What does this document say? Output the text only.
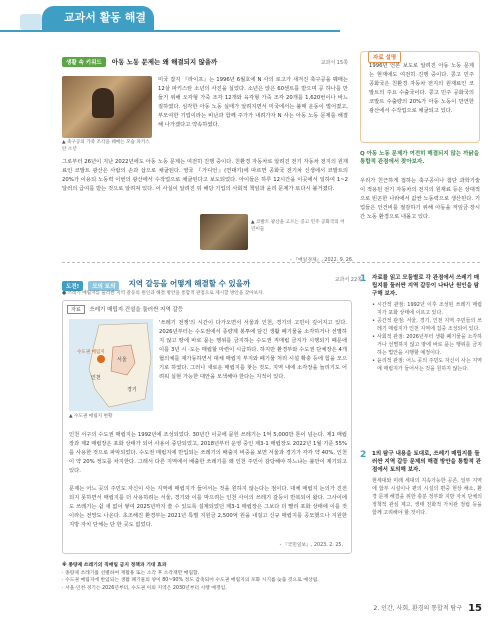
교과서 활동 해결하기
생활 속 키워드 아동 노동 문제는 왜 해결되지 않을까	교과서 15쪽
▲ 축구공의 가죽 조각을 꿰매는 모습 파키스탄 소년
미국 잡지 『라이프』는 1996년 6월호에 N 사의 로고가 새겨진 축구공을 꿰매는 12살 파키스탄 소년의 사진을 실었다. 소년은 앉은 60센트를 받으며 공 하나를 만들기 위해 오각형 가죽 조각 12개와 육각형 가죽 조각 20개를 1,620번이나 바느질하였다. 심각한 아동 노동 실태가 알려지면서 미국에서는 불매 운동이 벌어졌고, 부모여한 기업이라는 비난과 함께 주가가 내려가자 N 사는 아동 노동 문제를 해결해 나가겠다고 약속하였다.
그로부터 26년이 지난 2022년에도 아동 노동 문제는 여전히 진행 중이다. 친환경 자동차로 알려진 전기 자동차 전지의 원재료인 코발트 광산은 사람의 손과 삽으로 채굴된다. 영국 『가디언』(연대기)에 따르면 공화국 전기차 신생에서 코발트의 20%가 이용되 노동력 이번의 광산에서 수작업으로 채굴된다고 보도되었다. 아이들은 하루 12시간을 이곳에서 일하여 1~2달러의 급여를 받는 것으로 알려져 있다. 이 사실이 알려진 뒤 해당 기업의 사회적 책임과 윤리 문제가 또다시 불거졌다.
▲ 코발트 광산을 고르는 콩고 민주 공화국의 어린이들
- 『매일경제』, 2022. 9. 26.
자료 설명
1996년 언론 보도로 알려진 아동 노동 문제는 현재에도 여전히 진행 중이다. 콩고 민주 공화국은 친환경 자동차 전지의 원재료인 코발트의 주요 수출국이다. 콩고 민주 공화국의 코발트 수출량의 20%가 아동 노동이 만연한 광산에서 수작업으로 채굴되고 있다.
Q 아동 노동 문제가 여전히 해결되지 않는 까닭을 통합적 관점에서 찾아보자.
우리가 친근하게 접하는 축구공이나 첨단 과학기술이 적용된 전기 자동차의 전지의 원재료 등은 상대적으로 빈곤한 나라에서 값싼 노동력으로 생산된다. 기업들은 인건비를 절감하기 위해 아동을 저임금·장시간 노동 환경으로 내몰고 있다.
도전! 모의 토의 지역 갈등을 어떻게 해결할 수 있을까	교과서 22쪽
● 쓰레기 매립지를 둘러싼 지역 갈등의 원인과 해결 방안을 통합적 관점으로 제시할 방안을 찾아보자.
자료 쓰레기 매립지 건설을 둘러싼 지역 갈등
인천
수도권 매립지
서울
경기
▲ 수도권 매립지 현황
'쓰레기 전쟁'의 시간이 다가오면서 서울과 인천, 경기의 고민이 깊어지고 있다. 2026년부터는 수도권에서 종량제 봉투에 담긴 생활 폐기물을 소각하거나 선별하지 않고 땅에 바로 묻는 행위를 금지하는 수도권 직매립 금지가 시행되기 때문에 이를 3년 시 ·도는 매립할 마련이 시급하다. 하지만 환경부와 수도권 단체장은 4개 협의체를 재가동하면서 대체 매립지 부지와 폐기물 처리 시설 확충 등에 힘을 모으기로 하였다. 그러나 새로운 매립지를 찾는 것도, 지역 내에 소각장을 늘리기도 어려워 실현 가능한 대안을 모색해야 한다는 지적이 있다.
인천 서구의 수도권 매립지는 1992년에 조성되었다. 30년간 이곳에 묻힌 쓰레기는 1억 5,000만 톤이 넘는다. 제1 매립장과 제2 매립장은 포화 상태가 되어 사용이 중단되었고, 2018년부터 운영 중인 제3-1 매립장도 2022년 1월 기준 55%를 사용한 것으로 파악되었다. 수도권 매립지에 반입되는 쓰레기의 배출지 비중을 보면 서울과 경기가 각각 약 40%, 인천이 약 20% 정도를 차지한다. 그래서 다른 지역에서 배출한 쓰레기를 왜 인천 주민이 감당해야 하느냐는 불만이 제기되고 있다.
문제는 어느 곳의 주민도 자신이 사는 지역에 매립지가 들어서는 것을 원하지 않는다는 점이다. 대체 매립지 논의가 진전되지 못하면서 매립지를 더 사용하려는 서울, 경기와 이를 막으려는 인천 사이의 쓰레기 갈등이 반복되어 왔다. 그사이에도 쓰레기는 쉼 새 없이 쌓여 2025년까지 쓸 수 있도록 설계되었던 제3-1 매립장은 그보다 더 빨리 포화 상태에 이를 것이라는 전망도 나온다. 초조해진 환경부는 2021년 특별 지원금 2,500억 원을 내걸고 신규 매립지를 공모했으나 지원한 지방 자치 단체는 단 한 곳도 없었다.
- 『국민일보』, 2023. 2. 25.
※ 종량제 쓰레기의 직매립 금지 정책과 기대 효과
· 종량제 쓰레기를 선별하여 재활용 또는 소각 후 소각재만 매립함.
· 수도권 매립지에 반입되는 생활 폐기물의 양이 80~90% 정도 감축되어 수도권 매립지의 포화 시기를 늦출 것으로 예상됨.
· 서울·인천·경기는 2026년부터, 수도권 이외 지역은 2030년부터 시행 예정임.
1 자료를 읽고 모둠별로 각 관점에서 쓰레기 매립지를 둘러싼 지역 갈등이 나타난 원인을 탐구해 보자.
• 시간적 관점: 1992년 이후 조성된 쓰레기 매립지가 포화 상태에 이르고 있다.
• 공간적 관점: 서울, 경기, 인천 지역 주민들의 쓰레기 매립지가 인천 지역에 집중 조성되어 있다.
• 사회적 관점: 2026년부터 생활 폐기물을 소각하거나 선별하지 않고 땅에 바로 묻는 행위를 금지하는 법안을 시행할 예정이다.
• 윤리적 관점: 어느 곳의 주민도 자신이 사는 지역에 매립지가 들어서는 것을 원하지 않는다.
2 1의 탐구 내용을 토대로, 쓰레기 매립지를 둘러싼 지역 갈등 문제의 해결 방안을 통합적 관점에서 토의해 보자.
현세대와 미래 세대의 지속가능한 공존, 일부 지역에 함부 시설이나 편의 시설의 편중 현상 해소, 환경 문제 해결을 위한 충분 정부와 지방 자치 단체의 정책적 관심 제고, 생태 친화적 가치관 정립 등을 함께 고려해야 할 것이다.
2. 인간, 사회, 환경의 통합적 탐구 15
